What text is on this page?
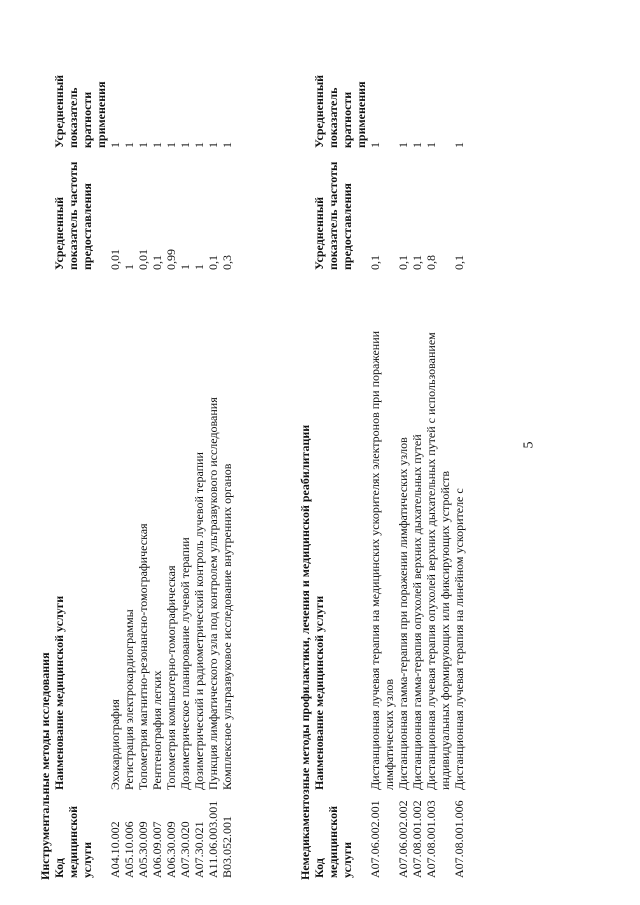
5
Инструментальные методы исследования Код медицинской услуги	Наименование медицинской услуги	Усредненный показатель частоты предоставления	Усредненный показатель кратности применения
A04.10.002	Эхокардиография	0,01	1
A05.10.006	Регистрация электрокардиограммы	1	1
A05.30.009	Топометрия магнитно-резонансно-томографическая	0,01	1
A06.09.007	Рентгенография легких	0,1	1
A06.30.009	Топометрия компьютерно-томографическая	0,99	1
A07.30.020	Дозиметрическое планирование лучевой терапии	1	1
A07.30.021	Дозиметрический и радиометрический контроль лучевой терапии	1	1
A11.06.003.001	Пункция лимфатического узла под контролем ультразвукового исследования	0,1	1
B03.052.001	Комплексное ультразвуковое исследование внутренних органов	0,3	1
Немедикаментозные методы профилактики, лечения и медицинской реабилитации Код медицинской услуги	Наименование медицинской услуги	Усредненный показатель частоты предоставления	Усредненный показатель кратности применения
A07.06.002.001	Дистанционная лучевая терапия на медицинских ускорителях электронов при поражении лимфатических узлов	0,1	1
A07.06.002.002	Дистанционная гамма-терапия при поражении лимфатических узлов	0,1	1
A07.08.001.002	Дистанционная гамма-терапия опухолей верхних дыхательных путей	0,1	1
A07.08.001.003	Дистанционная лучевая терапия опухолей верхних дыхательных путей с использованием индивидуальных формирующих или фиксирующих устройств	0,8	1
A07.08.001.006	Дистанционная лучевая терапия на линейном ускорителе с	0,1	1
